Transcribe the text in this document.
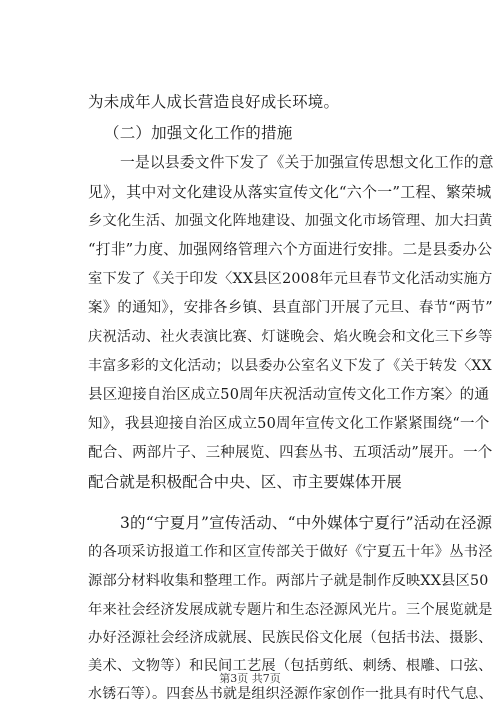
为未成年人成长营造良好成长环境。
（二）加强文化工作的措施
一是以县委文件下发了《关于加强宣传思想文化工作的意
见》，其中对文化建设从落实宣传文化“六个一”工程、繁荣城
乡文化生活、加强文化阵地建设、加强文化市场管理、加大扫黄
“打非”力度、加强网络管理六个方面进行安排。二是县委办公
室下发了《关于印发〈XX县区2008年元旦春节文化活动实施方
案》的通知》，安排各乡镇、县直部门开展了元旦、春节“两节”
庆祝活动、社火表演比赛、灯谜晚会、焰火晚会和文化三下乡等
丰富多彩的文化活动；以县委办公室名义下发了《关于转发〈XX
县区迎接自治区成立50周年庆祝活动宣传文化工作方案〉的通
知》，我县迎接自治区成立50周年宣传文化工作紧紧围绕“一个
配合、两部片子、三种展览、四套丛书、五项活动”展开。一个
配合就是积极配合中央、区、市主要媒体开展
3的“宁夏月”宣传活动、“中外媒体宁夏行”活动在泾源
的各项采访报道工作和区宣传部关于做好《宁夏五十年》丛书泾
源部分材料收集和整理工作。两部片子就是制作反映XX县区50
年来社会经济发展成就专题片和生态泾源风光片。三个展览就是
办好泾源社会经济成就展、民族民俗文化展（包括书法、摄影、
美术、文物等）和民间工艺展（包括剪纸、刺绣、根雕、口弦、
水锈石等）。四套丛书就是组织泾源作家创作一批具有时代气息、
第3页 共7页
